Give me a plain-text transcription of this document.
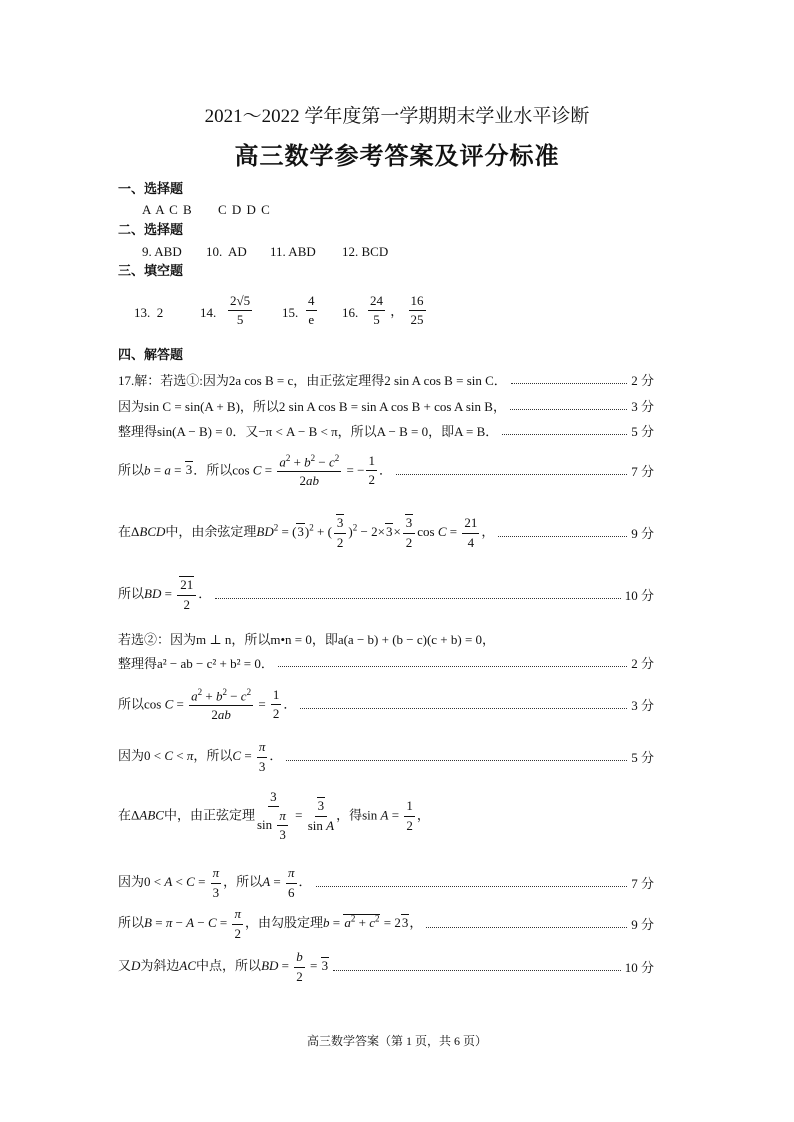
2021～2022 学年度第一学期期末学业水平诊断
高三数学参考答案及评分标准
一、选择题
A A C B     C D D C
二、选择题
9. ABD 10.  AD 11. ABD 12. BCD
三、填空题
13. 2	14. $\frac{2√5}{5} 15$. $\frac{4}{e} 16$. $\frac{24}{5}$ ， $\frac{16}{25}$
四、解答题
17.解：若选①:因为2a cos B = c，由正弦定理得2 sin A cos B = sin C．	2 分
因为sin C = sin(A + B)，所以2 sin A cos B = sin A cos B + cos A sin B，	3 分
整理得sin(A − B) = 0．又−π < A − B < π，所以A − B = 0，即A = B．	5 分
所以b = a = 3．所以$\cos C = \frac{a^2 + b^2 - c^2}{2ab}$ = − $\frac{1}{2}$ ．	7 分
在ΔBCD中，由余弦定理$BD^2 = (3)^2$ + ( $\frac{3}{2} )^2 - 2\times 3\times \frac{3}{2}$ $\cos C = \frac{21}{4}$ ，	9 分
所以BD = $\frac{21}{2}$ ．	10 分
若选②：因为m ⊥ n，所以m•n = 0，即a(a − b) + (b − c)(c + b) = 0，
整理得a² − ab − c² + b² = 0．	2 分
所以$\cos C = \frac{a^2 + b^2 - c^2}{2ab} = \frac{1}{2}$ ．	3 分
因为0 < C < π，所以$C = \frac{\pi}{3}$ ．	5 分
在ΔABC中，由正弦定理 $\frac{3}{\sin \frac{\pi}{3}} = \frac{3}{\text{sin A}}$ ，得$\sin A = \frac{1}{2}$ ，
因为$0 < A < C = \frac{\pi}{3}$ ，所以$A = \frac{\pi}{6}$ ．	7 分
所以$B = \pi - A - C = \frac{\pi}{2}$ ，由勾股定理$b = a^2 + c^2 = 23$，	9 分
又D为斜边AC中点，所以BD = $\frac{b}{2} = 3$	10 分
高三数学答案（第 1 页，共 6 页）
